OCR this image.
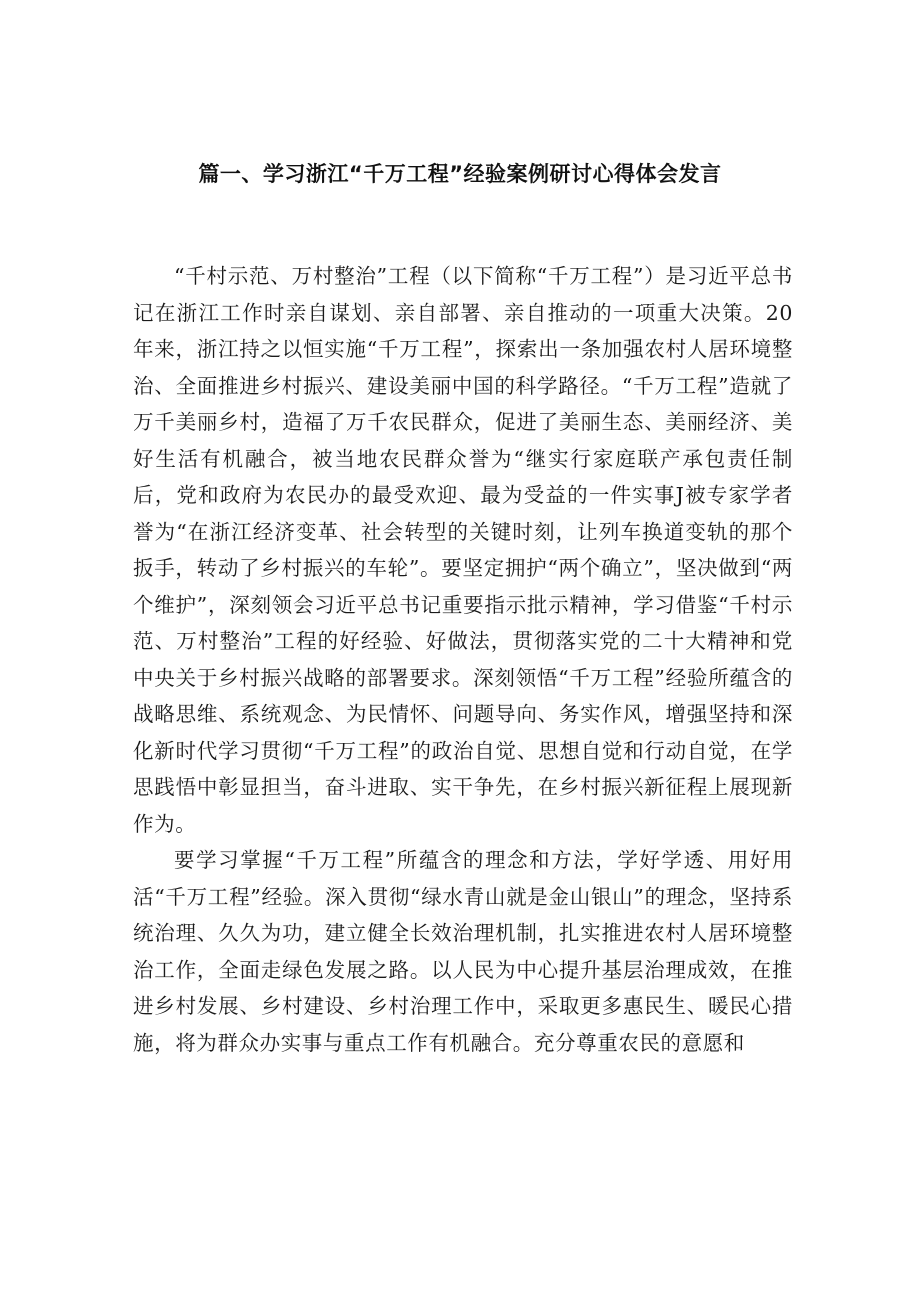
篇一、学习浙江“千万工程”经验案例研讨心得体会发言

“千村示范、万村整治”工程（以下简称“千万工程”）是习近平总书记在浙江工作时亲自谋划、亲自部署、亲自推动的一项重大决策。20年来，浙江持之以恒实施“千万工程”，探索出一条加强农村人居环境整治、全面推进乡村振兴、建设美丽中国的科学路径。“千万工程”造就了万千美丽乡村，造福了万千农民群众，促进了美丽生态、美丽经济、美好生活有机融合，被当地农民群众誉为“继实行家庭联产承包责任制后，党和政府为农民办的最受欢迎、最为受益的一件实事J被专家学者誉为“在浙江经济变革、社会转型的关键时刻，让列车换道变轨的那个扳手，转动了乡村振兴的车轮”。要坚定拥护“两个确立”，坚决做到“两个维护”，深刻领会习近平总书记重要指示批示精神，学习借鉴“千村示范、万村整治”工程的好经验、好做法，贯彻落实党的二十大精神和党中央关于乡村振兴战略的部署要求。深刻领悟“千万工程”经验所蕴含的战略思维、系统观念、为民情怀、问题导向、务实作风，增强坚持和深化新时代学习贯彻“千万工程”的政治自觉、思想自觉和行动自觉，在学思践悟中彰显担当，奋斗进取、实干争先，在乡村振兴新征程上展现新作为。

要学习掌握“千万工程”所蕴含的理念和方法，学好学透、用好用活“千万工程”经验。深入贯彻“绿水青山就是金山银山”的理念，坚持系统治理、久久为功，建立健全长效治理机制，扎实推进农村人居环境整治工作，全面走绿色发展之路。以人民为中心提升基层治理成效，在推进乡村发展、乡村建设、乡村治理工作中，采取更多惠民生、暖民心措施，将为群众办实事与重点工作有机融合。充分尊重农民的意愿和
